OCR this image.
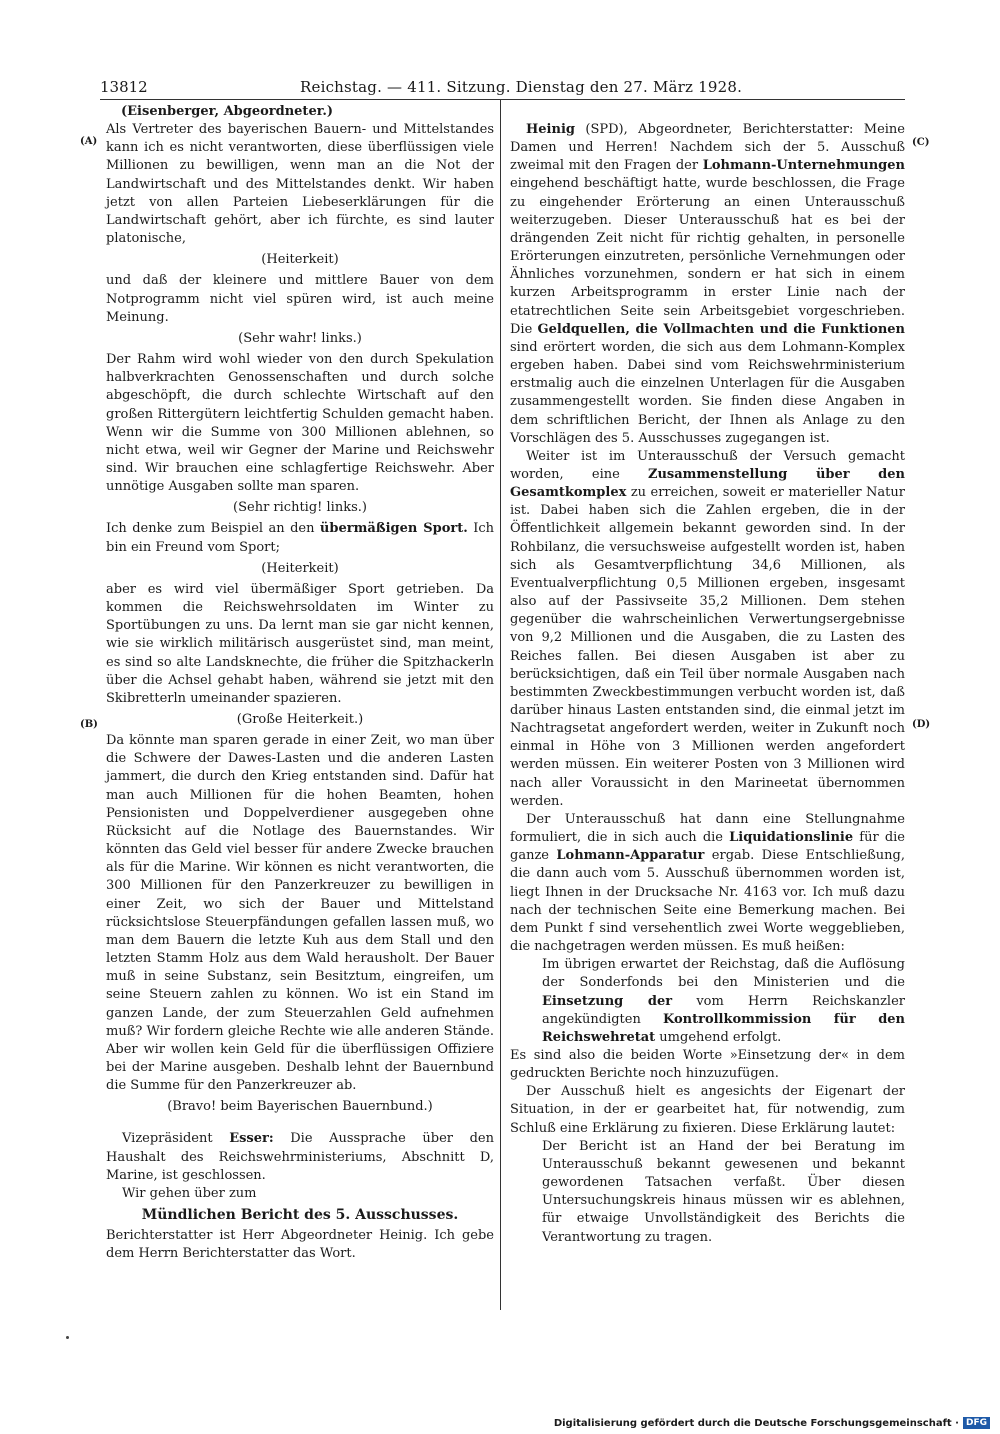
13812	Reichstag. — 411. Sitzung. Dienstag den 27. März 1928.
(A)
(B)
(C)
(D)

(Eisenberger, Abgeordneter.)

Als Vertreter des bayerischen Bauern- und Mittelstandes kann ich es nicht verantworten, diese überflüssigen viele Millionen zu bewilligen, wenn man an die Not der Landwirtschaft und des Mittelstandes denkt. Wir haben jetzt von allen Parteien Liebeserklärungen für die Landwirtschaft gehört, aber ich fürchte, es sind lauter platonische,

(Heiterkeit)

und daß der kleinere und mittlere Bauer von dem Notprogramm nicht viel spüren wird, ist auch meine Meinung.

(Sehr wahr! links.)

Der Rahm wird wohl wieder von den durch Spekulation halbverkrachten Genossenschaften und durch solche abgeschöpft, die durch schlechte Wirtschaft auf den großen Rittergütern leichtfertig Schulden gemacht haben. Wenn wir die Summe von 300 Millionen ablehnen, so nicht etwa, weil wir Gegner der Marine und Reichswehr sind. Wir brauchen eine schlagfertige Reichswehr. Aber unnötige Ausgaben sollte man sparen.

(Sehr richtig! links.)

Ich denke zum Beispiel an den übermäßigen Sport. Ich bin ein Freund vom Sport;

(Heiterkeit)

aber es wird viel übermäßiger Sport getrieben. Da kommen die Reichswehrsoldaten im Winter zu Sportübungen zu uns. Da lernt man sie gar nicht kennen, wie sie wirklich militärisch ausgerüstet sind, man meint, es sind so alte Landsknechte, die früher die Spitzhackerln über die Achsel gehabt haben, während sie jetzt mit den Skibretterln umeinander spazieren.

(Große Heiterkeit.)

Da könnte man sparen gerade in einer Zeit, wo man über die Schwere der Dawes-Lasten und die anderen Lasten jammert, die durch den Krieg entstanden sind. Dafür hat man auch Millionen für die hohen Beamten, hohen Pensionisten und Doppelverdiener ausgegeben ohne Rücksicht auf die Notlage des Bauernstandes. Wir könnten das Geld viel besser für andere Zwecke brauchen als für die Marine. Wir können es nicht verantworten, die 300 Millionen für den Panzerkreuzer zu bewilligen in einer Zeit, wo sich der Bauer und Mittelstand rücksichtslose Steuerpfändungen gefallen lassen muß, wo man dem Bauern die letzte Kuh aus dem Stall und den letzten Stamm Holz aus dem Wald herausholt. Der Bauer muß in seine Substanz, sein Besitztum, eingreifen, um seine Steuern zahlen zu können. Wo ist ein Stand im ganzen Lande, der zum Steuerzahlen Geld aufnehmen muß? Wir fordern gleiche Rechte wie alle anderen Stände. Aber wir wollen kein Geld für die überflüssigen Offiziere bei der Marine ausgeben. Deshalb lehnt der Bauernbund die Summe für den Panzerkreuzer ab.

(Bravo! beim Bayerischen Bauernbund.)

Vizepräsident Esser: Die Aussprache über den Haushalt des Reichswehrministeriums, Abschnitt D, Marine, ist geschlossen.

Wir gehen über zum

Mündlichen Bericht des 5. Ausschusses.

Berichterstatter ist Herr Abgeordneter Heinig. Ich gebe dem Herrn Berichterstatter das Wort.

Heinig (SPD), Abgeordneter, Berichterstatter: Meine Damen und Herren! Nachdem sich der 5. Ausschuß zweimal mit den Fragen der Lohmann-Unternehmungen eingehend beschäftigt hatte, wurde beschlossen, die Frage zu eingehender Erörterung an einen Unterausschuß weiterzugeben. Dieser Unterausschuß hat es bei der drängenden Zeit nicht für richtig gehalten, in personelle Erörterungen einzutreten, persönliche Vernehmungen oder Ähnliches vorzunehmen, sondern er hat sich in einem kurzen Arbeitsprogramm in erster Linie nach der etatrechtlichen Seite sein Arbeitsgebiet vorgeschrieben. Die Geldquellen, die Vollmachten und die Funktionen sind erörtert worden, die sich aus dem Lohmann-Komplex ergeben haben. Dabei sind vom Reichswehrministerium erstmalig auch die einzelnen Unterlagen für die Ausgaben zusammengestellt worden. Sie finden diese Angaben in dem schriftlichen Bericht, der Ihnen als Anlage zu den Vorschlägen des 5. Ausschusses zugegangen ist.

Weiter ist im Unterausschuß der Versuch gemacht worden, eine Zusammenstellung über den Gesamtkomplex zu erreichen, soweit er materieller Natur ist. Dabei haben sich die Zahlen ergeben, die in der Öffentlichkeit allgemein bekannt geworden sind. In der Rohbilanz, die versuchsweise aufgestellt worden ist, haben sich als Gesamtverpflichtung 34,6 Millionen, als Eventualverpflichtung 0,5 Millionen ergeben, insgesamt also auf der Passivseite 35,2 Millionen. Dem stehen gegenüber die wahrscheinlichen Verwertungsergebnisse von 9,2 Millionen und die Ausgaben, die zu Lasten des Reiches fallen. Bei diesen Ausgaben ist aber zu berücksichtigen, daß ein Teil über normale Ausgaben nach bestimmten Zweckbestimmungen verbucht worden ist, daß darüber hinaus Lasten entstanden sind, die einmal jetzt im Nachtragsetat angefordert werden, weiter in Zukunft noch einmal in Höhe von 3 Millionen werden angefordert werden müssen. Ein weiterer Posten von 3 Millionen wird nach aller Voraussicht in den Marineetat übernommen werden.

Der Unterausschuß hat dann eine Stellungnahme formuliert, die in sich auch die Liquidationslinie für die ganze Lohmann-Apparatur ergab. Diese Entschließung, die dann auch vom 5. Ausschuß übernommen worden ist, liegt Ihnen in der Drucksache Nr. 4163 vor. Ich muß dazu nach der technischen Seite eine Bemerkung machen. Bei dem Punkt f sind versehentlich zwei Worte weggeblieben, die nachgetragen werden müssen. Es muß heißen:

Im übrigen erwartet der Reichstag, daß die Auflösung der Sonderfonds bei den Ministerien und die Einsetzung der vom Herrn Reichskanzler angekündigten Kontrollkommission für den Reichswehretat umgehend erfolgt.

Es sind also die beiden Worte »Einsetzung der« in dem gedruckten Berichte noch hinzuzufügen.

Der Ausschuß hielt es angesichts der Eigenart der Situation, in der er gearbeitet hat, für notwendig, zum Schluß eine Erklärung zu fixieren. Diese Erklärung lautet:

Der Bericht ist an Hand der bei Beratung im Unterausschuß bekannt gewesenen und bekannt gewordenen Tatsachen verfaßt. Über diesen Untersuchungskreis hinaus müssen wir es ablehnen, für etwaige Unvollständigkeit des Berichts die Verantwortung zu tragen.

Digitalisierung gefördert durch die Deutsche Forschungsgemeinschaft · DFG
